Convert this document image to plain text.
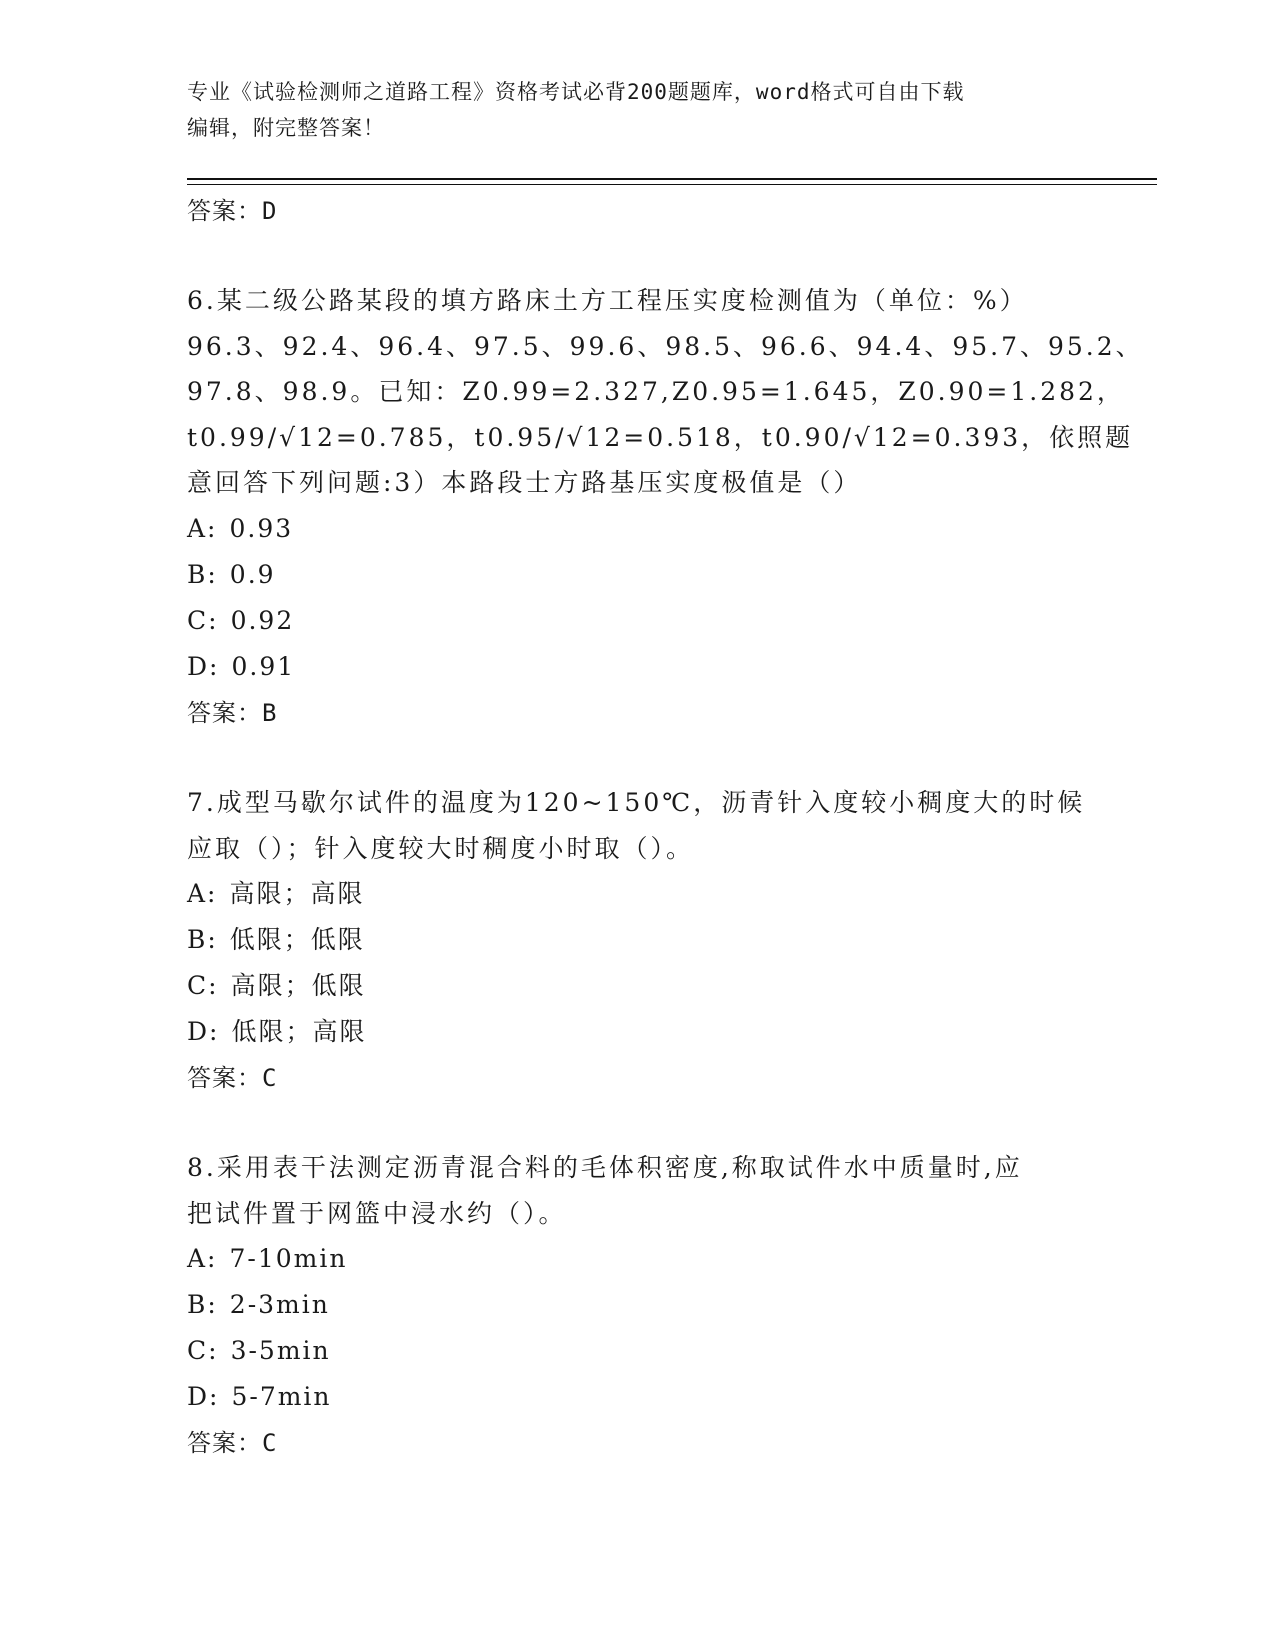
专业《试验检测师之道路工程》资格考试必背200题题库，word格式可自由下载
编辑，附完整答案！
答案：D
6.某二级公路某段的填方路床土方工程压实度检测值为（单位：%）
96.3、92.4、96.4、97.5、99.6、98.5、96.6、94.4、95.7、95.2、
97.8、98.9。已知：Z0.99=2.327,Z0.95=1.645，Z0.90=1.282，
t0.99/√12=0.785，t0.95/√12=0.518，t0.90/√12=0.393，依照题
意回答下列问题:3）本路段士方路基压实度极值是（）
A: 0.93
B: 0.9
C: 0.92
D: 0.91
答案：B
7.成型马歇尔试件的温度为120~150℃，沥青针入度较小稠度大的时候
应取（）；针入度较大时稠度小时取（）。
A: 高限；高限
B: 低限；低限
C: 高限；低限
D: 低限；高限
答案：C
8.采用表干法测定沥青混合料的毛体积密度,称取试件水中质量时,应
把试件置于网篮中浸水约（）。
A: 7-10min
B: 2-3min
C: 3-5min
D: 5-7min
答案：C
